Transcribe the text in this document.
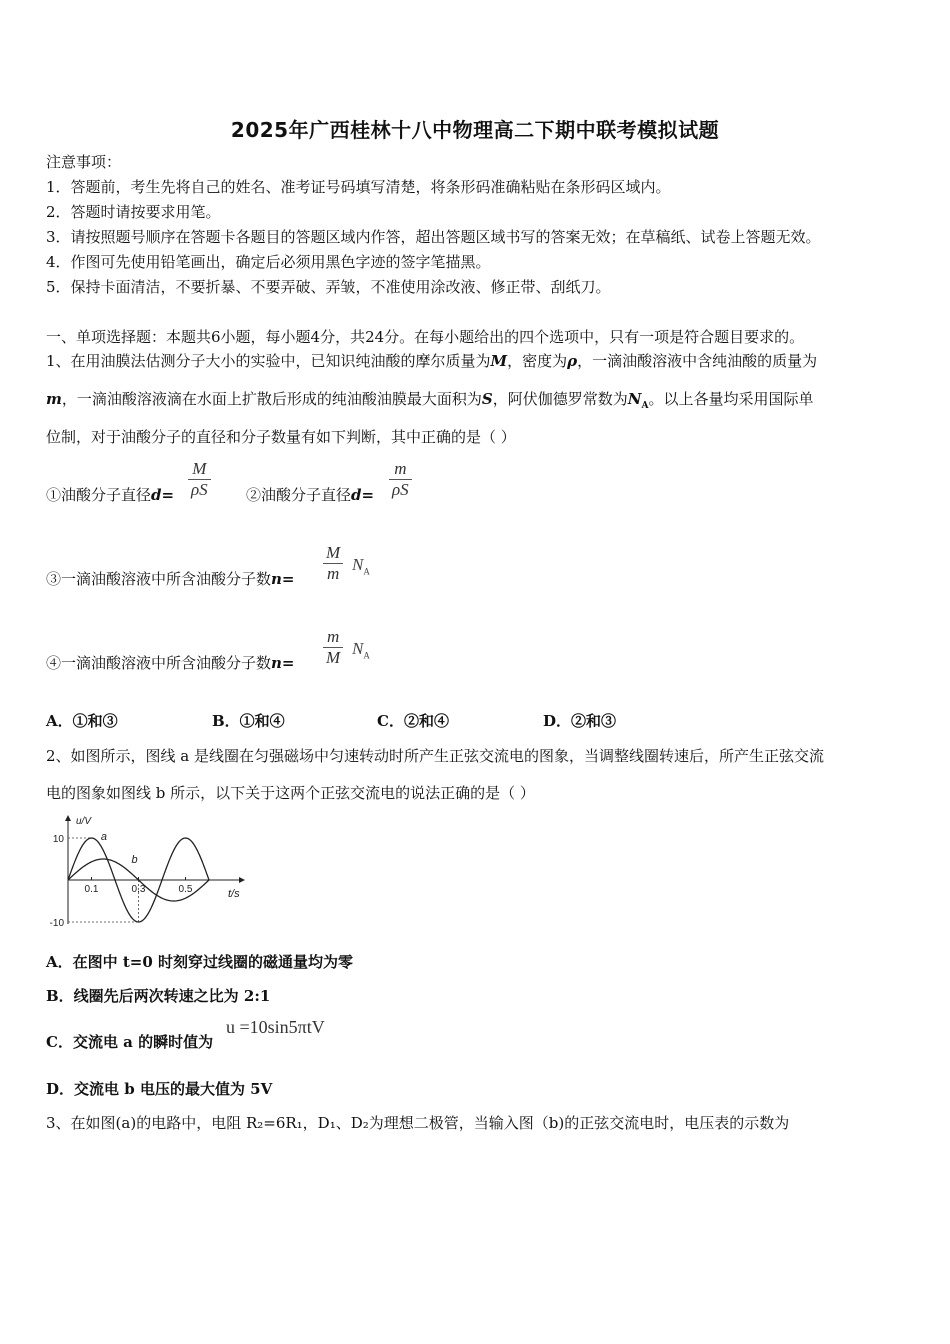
2025年广西桂林十八中物理高二下期中联考模拟试题
注意事项：
1．答题前，考生先将自己的姓名、准考证号码填写清楚，将条形码准确粘贴在条形码区域内。
2．答题时请按要求用笔。
3．请按照题号顺序在答题卡各题目的答题区域内作答，超出答题区域书写的答案无效；在草稿纸、试卷上答题无效。
4．作图可先使用铅笔画出，确定后必须用黑色字迹的签字笔描黑。
5．保持卡面清洁，不要折暴、不要弄破、弄皱，不准使用涂改液、修正带、刮纸刀。
一、单项选择题：本题共6小题，每小题4分，共24分。在每小题给出的四个选项中，只有一项是符合题目要求的。
1、在用油膜法估测分子大小的实验中，已知识纯油酸的摩尔质量为M，密度为ρ，一滴油酸溶液中含纯油酸的质量为
m，一滴油酸溶液滴在水面上扩散后形成的纯油酸油膜最大面积为S，阿伏伽德罗常数为$N_A$。以上各量均采用国际单
位制，对于油酸分子的直径和分子数量有如下判断，其中正确的是（ ）
①油酸分子直径$d= \frac{M}{\rho S}$ ②油酸分子直径$d= \frac{m}{\rho S}$
③一滴油酸溶液中所含油酸分子数$n= \frac{M}{m} N_A$
④一滴油酸溶液中所含油酸分子数$n= \frac{m}{M} N_A$
A．①和③	B．①和④	C．②和④	D．②和③
2、如图所示，图线 a 是线圈在匀强磁场中匀速转动时所产生正弦交流电的图象，当调整线圈转速后，所产生正弦交流
电的图象如图线 b 所示，以下关于这两个正弦交流电的说法正确的是（ ）
10
-10
0.1	0.3	0.5
u/V
t/s
a
b
A．在图中 t=0 时刻穿过线圈的磁通量均为零
B．线圈先后两次转速之比为 2:1
C．交流电 a 的瞬时值为
u =10sin5πtV
D．交流电 b 电压的最大值为 5V
3、在如图(a)的电路中，电阻 R₂=6R₁，D₁、D₂为理想二极管，当输入图（b)的正弦交流电时，电压表的示数为
